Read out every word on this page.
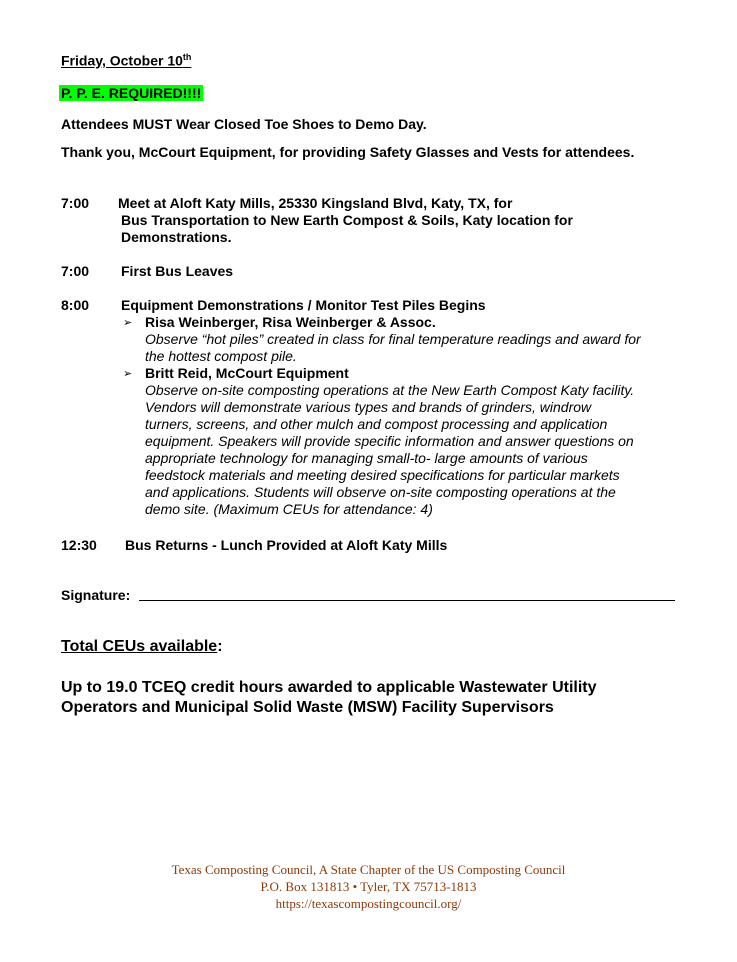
Friday, October 10th
P. P. E. REQUIRED!!!!
Attendees MUST Wear Closed Toe Shoes to Demo Day.
Thank you, McCourt Equipment, for providing Safety Glasses and Vests for attendees.
7:00 Meet at Aloft Katy Mills, 25330 Kingsland Blvd, Katy, TX, for
Bus Transportation to New Earth Compost & Soils, Katy location for
Demonstrations.
7:00 First Bus Leaves
8:00 Equipment Demonstrations / Monitor Test Piles Begins
➢ Risa Weinberger, Risa Weinberger & Assoc.
Observe “hot piles” created in class for final temperature readings and award for
the hottest compost pile.
➢ Britt Reid, McCourt Equipment
Observe on-site composting operations at the New Earth Compost Katy facility.
Vendors will demonstrate various types and brands of grinders, windrow
turners, screens, and other mulch and compost processing and application
equipment. Speakers will provide specific information and answer questions on
appropriate technology for managing small-to- large amounts of various
feedstock materials and meeting desired specifications for particular markets
and applications. Students will observe on-site composting operations at the
demo site. (Maximum CEUs for attendance: 4)
12:30 Bus Returns - Lunch Provided at Aloft Katy Mills
Signature:
Total CEUs available:
Up to 19.0 TCEQ credit hours awarded to applicable Wastewater Utility
Operators and Municipal Solid Waste (MSW) Facility Supervisors
Texas Composting Council, A State Chapter of the US Composting Council
P.O. Box 131813 • Tyler, TX 75713-1813
https://texascompostingcouncil.org/
